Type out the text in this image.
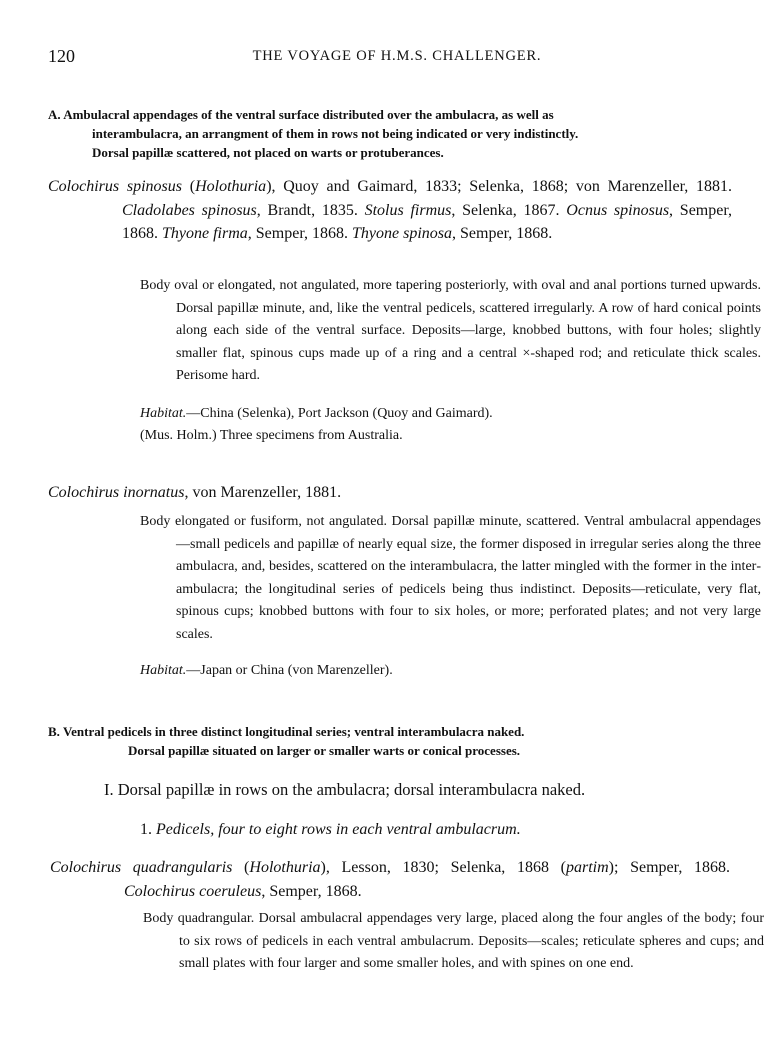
120	THE VOYAGE OF H.M.S. CHALLENGER.

A. Ambulacral appendages of the ventral surface distributed over the ambulacra, as well as

interambulacra, an arrangment of them in rows not being indicated or very indistinctly.

Dorsal papillæ scattered, not placed on warts or protuberances.

Colochirus spinosus (Holothuria), Quoy and Gaimard, 1833; Selenka, 1868; von Marenzeller, 1881. Cladolabes spinosus, Brandt, 1835. Stolus firmus, Selenka, 1867. Ocnus spinosus, Semper, 1868. Thyone firma, Semper, 1868. Thyone spinosa, Semper, 1868.
Body oval or elongated, not angulated, more tapering posteriorly, with oval and anal portions turned upwards. Dorsal papillæ minute, and, like the ventral pedicels, scattered irregularly. A row of hard conical points along each side of the ventral surface. Deposits—large, knobbed buttons, with four holes; slightly smaller flat, spinous cups made up of a ring and a central ×-shaped rod; and reticulate thick scales. Perisome hard.
Habitat.—China (Selenka), Port Jackson (Quoy and Gaimard).
(Mus. Holm.) Three specimens from Australia.
Colochirus inornatus, von Marenzeller, 1881.
Body elongated or fusiform, not angulated. Dorsal papillæ minute, scattered. Ventral ambulacral appendages—small pedicels and papillæ of nearly equal size, the former disposed in irregular series along the three ambulacra, and, besides, scattered on the interambulacra, the latter mingled with the former in the interambulacra; the longitudinal series of pedicels being thus indistinct. Deposits—reticulate, very flat, spinous cups; knobbed buttons with four to six holes, or more; perforated plates; and not very large scales.
Habitat.—Japan or China (von Marenzeller).

B. Ventral pedicels in three distinct longitudinal series; ventral interambulacra naked.

Dorsal papillæ situated on larger or smaller warts or conical processes.

I. Dorsal papillæ in rows on the ambulacra; dorsal interambulacra naked.
1. Pedicels, four to eight rows in each ventral ambulacrum.
Colochirus quadrangularis (Holothuria), Lesson, 1830; Selenka, 1868 (partim); Semper, 1868. Colochirus coeruleus, Semper, 1868.
Body quadrangular. Dorsal ambulacral appendages very large, placed along the four angles of the body; four to six rows of pedicels in each ventral ambulacrum. Deposits—scales; reticulate spheres and cups; and small plates with four larger and some smaller holes, and with spines on one end.
